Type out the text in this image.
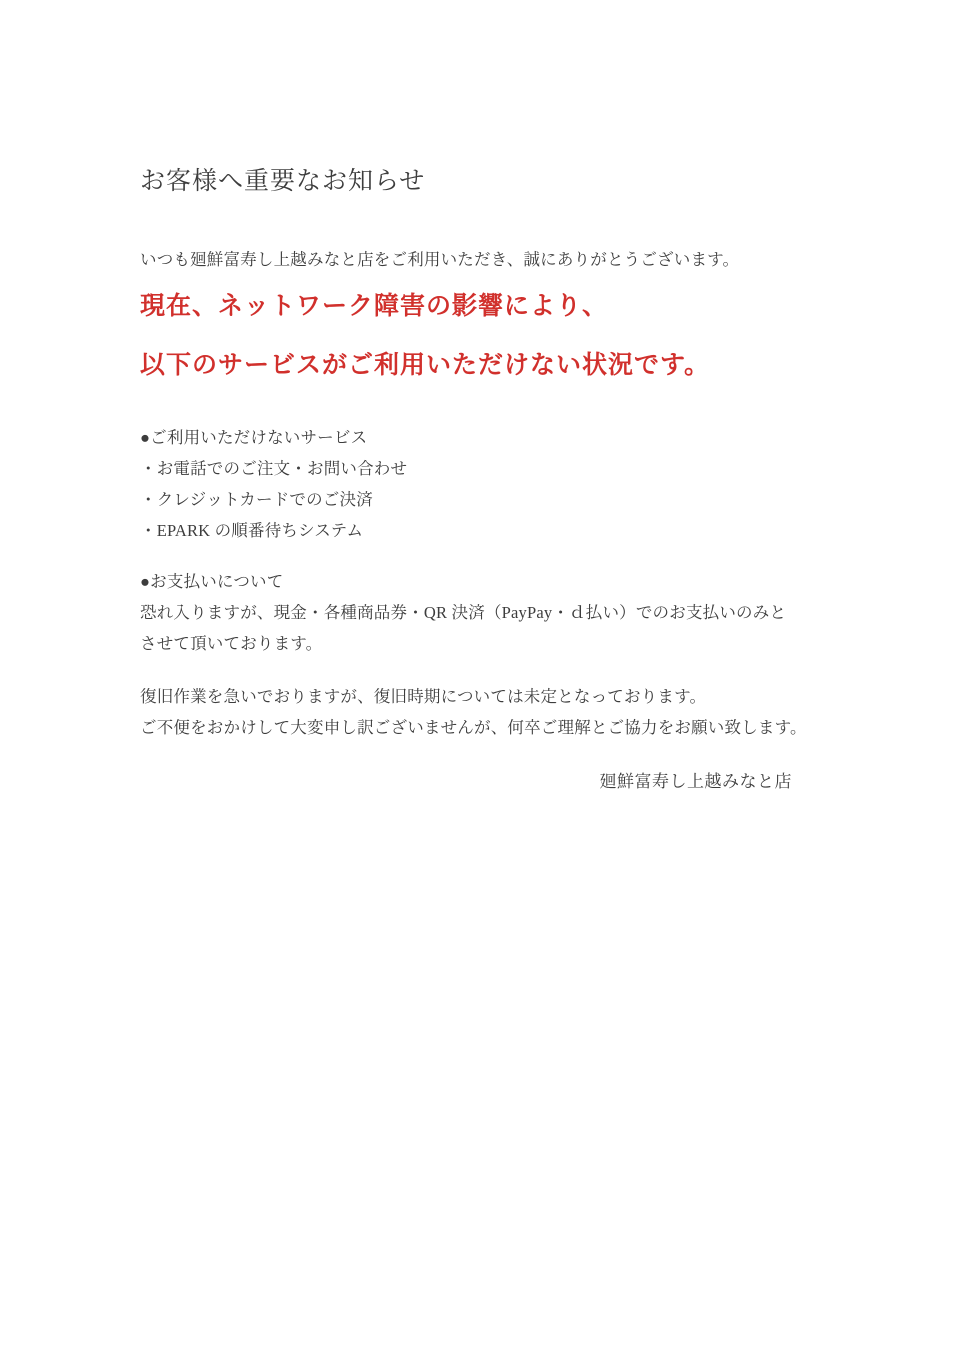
お客様へ重要なお知らせ

いつも廻鮮富寿し上越みなと店をご利用いただき、誠にありがとうございます。

現在、ネットワーク障害の影響により、

以下のサービスがご利用いただけない状況です。

●ご利用いただけないサービス

・お電話でのご注文・お問い合わせ
・クレジットカードでのご決済
・EPARK の順番待ちシステム

●お支払いについて

恐れ入りますが、現金・各種商品券・QR 決済（PayPay・ｄ払い）でのお支払いのみと

させて頂いております。

復旧作業を急いでおりますが、復旧時期については未定となっております。

ご不便をおかけして大変申し訳ございませんが、何卒ご理解とご協力をお願い致します。

廻鮮富寿し上越みなと店
